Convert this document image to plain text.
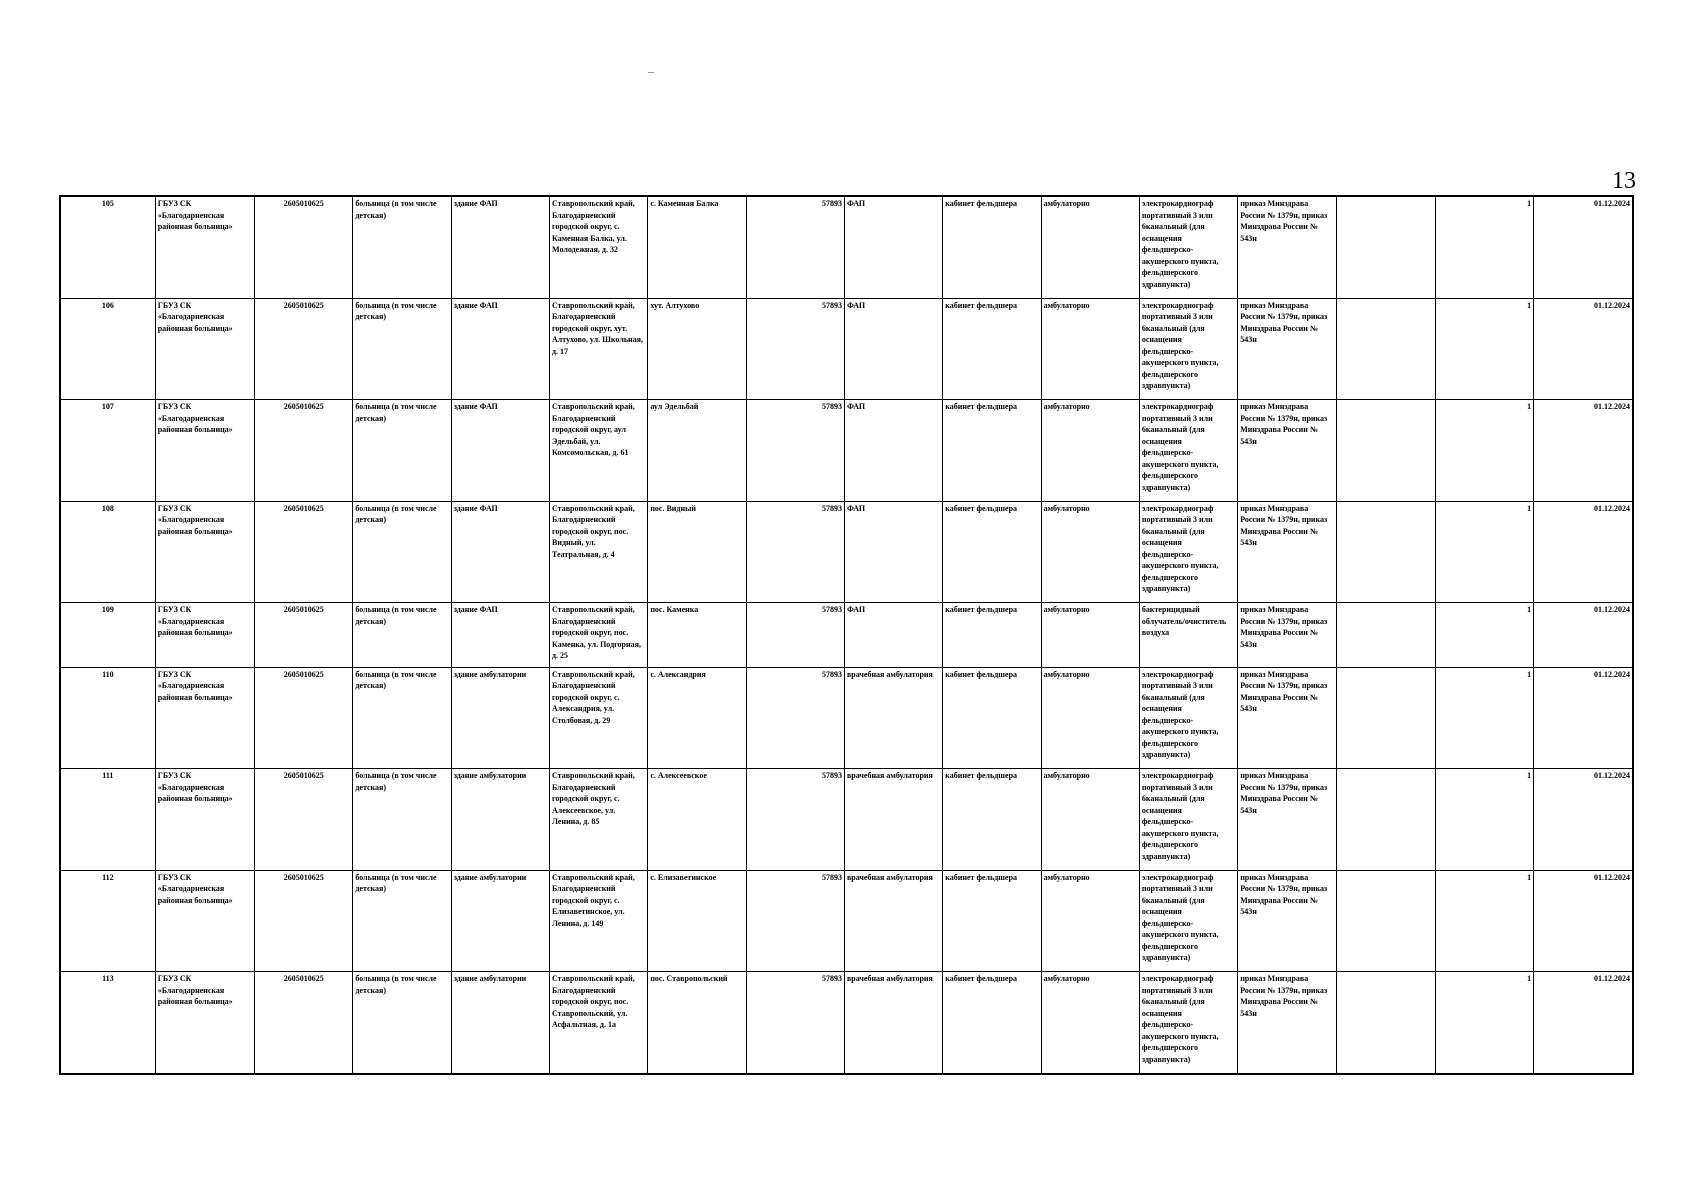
13
105	ГБУЗ СК «Благодарненская районная больница»	2605010625	больница (в том числе детская)	здание ФАП	Ставропольский край, Благодарненский городской округ, с. Каменная Балка, ул. Молодежная, д. 32	с. Каменная Балка	57893	ФАП	кабинет фельдшера	амбулаторно	электрокардиограф портативный 3 или 6канальный (для оснащения фельдшерско-акушерского пункта, фельдшерского здравпункта)	приказ Минздрава России № 1379н, приказ Минздрава России № 543н		1	01.12.2024
106	ГБУЗ СК «Благодарненская районная больница»	2605010625	больница (в том числе детская)	здание ФАП	Ставропольский край, Благодарненский городской округ, хут. Алтухово, ул. Школьная, д. 17	хут. Алтухово	57893	ФАП	кабинет фельдшера	амбулаторно	электрокардиограф портативный 3 или 6канальный (для оснащения фельдшерско-акушерского пункта, фельдшерского здравпункта)	приказ Минздрава России № 1379н, приказ Минздрава России № 543н		1	01.12.2024
107	ГБУЗ СК «Благодарненская районная больница»	2605010625	больница (в том числе детская)	здание ФАП	Ставропольский край, Благодарненский городской округ, аул Эдельбай, ул. Комсомольская, д. 61	аул Эдельбай	57893	ФАП	кабинет фельдшера	амбулаторно	электрокардиограф портативный 3 или 6канальный (для оснащения фельдшерско-акушерского пункта, фельдшерского здравпункта)	приказ Минздрава России № 1379н, приказ Минздрава России № 543н		1	01.12.2024
108	ГБУЗ СК «Благодарненская районная больница»	2605010625	больница (в том числе детская)	здание ФАП	Ставропольский край, Благодарненский городской округ, пос. Видный, ул. Театральная, д. 4	пос. Видный	57893	ФАП	кабинет фельдшера	амбулаторно	электрокардиограф портативный 3 или 6канальный (для оснащения фельдшерско-акушерского пункта, фельдшерского здравпункта)	приказ Минздрава России № 1379н, приказ Минздрава России № 543н		1	01.12.2024
109	ГБУЗ СК «Благодарненская районная больница»	2605010625	больница (в том числе детская)	здание ФАП	Ставропольский край, Благодарненский городской округ, пос. Каменка, ул. Подгорная, д. 25	пос. Каменка	57893	ФАП	кабинет фельдшера	амбулаторно	бактерицидный облучатель/очиститель воздуха	приказ Минздрава России № 1379н, приказ Минздрава России № 543н		1	01.12.2024
110	ГБУЗ СК «Благодарненская районная больница»	2605010625	больница (в том числе детская)	здание амбулатории	Ставропольский край, Благодарненский городской округ, с. Александрия, ул. Столбовая, д. 29	с. Александрия	57893	врачебная амбулатория	кабинет фельдшера	амбулаторно	электрокардиограф портативный 3 или 6канальный (для оснащения фельдшерско-акушерского пункта, фельдшерского здравпункта)	приказ Минздрава России № 1379н, приказ Минздрава России № 543н		1	01.12.2024
111	ГБУЗ СК «Благодарненская районная больница»	2605010625	больница (в том числе детская)	здание амбулатории	Ставропольский край, Благодарненский городской округ, с. Алексеевское, ул. Ленина, д. 85	с. Алексеевское	57893	врачебная амбулатория	кабинет фельдшера	амбулаторно	электрокардиограф портативный 3 или 6канальный (для оснащения фельдшерско-акушерского пункта, фельдшерского здравпункта)	приказ Минздрава России № 1379н, приказ Минздрава России № 543н		1	01.12.2024
112	ГБУЗ СК «Благодарненская районная больница»	2605010625	больница (в том числе детская)	здание амбулатории	Ставропольский край, Благодарненский городской округ, с. Елизаветинское, ул. Ленина, д. 149	с. Елизаветинское	57893	врачебная амбулатория	кабинет фельдшера	амбулаторно	электрокардиограф портативный 3 или 6канальный (для оснащения фельдшерско-акушерского пункта, фельдшерского здравпункта)	приказ Минздрава России № 1379н, приказ Минздрава России № 543н		1	01.12.2024
113	ГБУЗ СК «Благодарненская районная больница»	2605010625	больница (в том числе детская)	здание амбулатории	Ставропольский край, Благодарненский городской округ, пос. Ставропольский, ул. Асфальтная, д. 1а	пос. Ставропольский	57893	врачебная амбулатория	кабинет фельдшера	амбулаторно	электрокардиограф портативный 3 или 6канальный (для оснащения фельдшерско-акушерского пункта, фельдшерского здравпункта)	приказ Минздрава России № 1379н, приказ Минздрава России № 543н		1	01.12.2024
